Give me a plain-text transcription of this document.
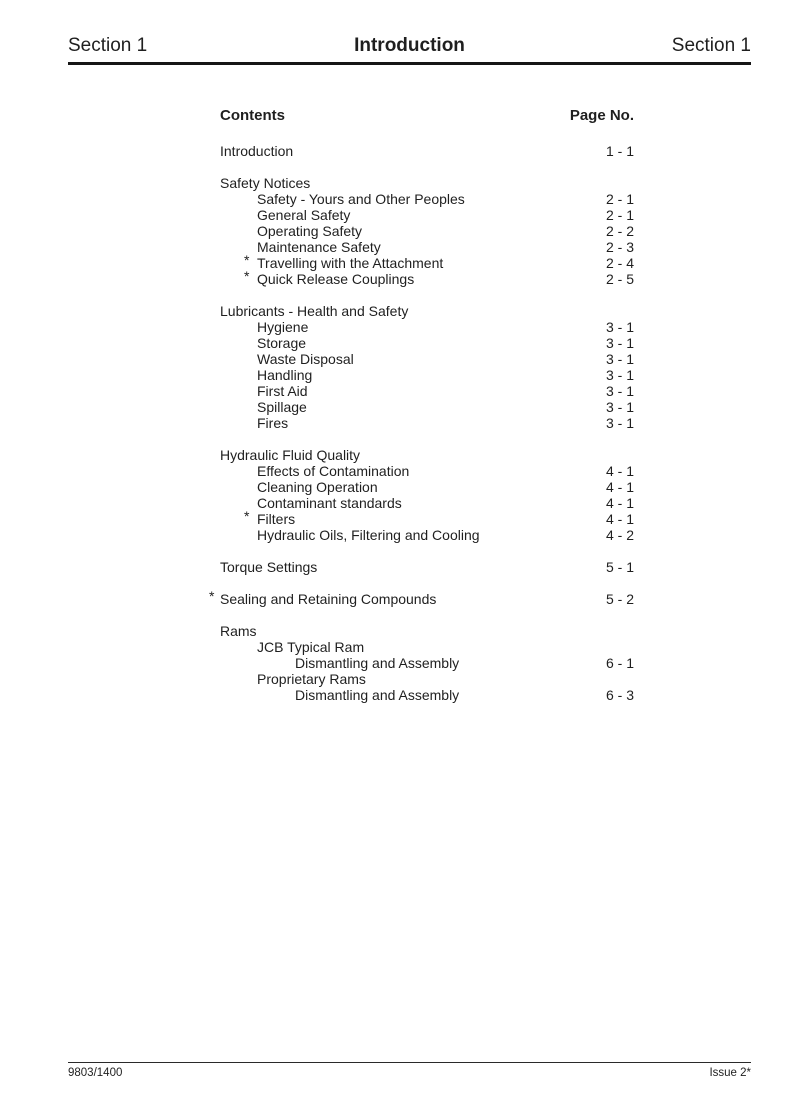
Section 1	Introduction	Section 1
Contents	Page No.
Introduction	1 - 1
Safety Notices
Safety - Yours and Other Peoples	2 - 1
General Safety	2 - 1
Operating Safety	2 - 2
Maintenance Safety	2 - 3
* Travelling with the Attachment	2 - 4
* Quick Release Couplings	2 - 5
Lubricants - Health and Safety
Hygiene	3 - 1
Storage	3 - 1
Waste Disposal	3 - 1
Handling	3 - 1
First Aid	3 - 1
Spillage	3 - 1
Fires	3 - 1
Hydraulic Fluid Quality
Effects of Contamination	4 - 1
Cleaning Operation	4 - 1
Contaminant standards	4 - 1
* Filters	4 - 1
Hydraulic Oils, Filtering and Cooling	4 - 2
Torque Settings	5 - 1
* Sealing and Retaining Compounds	5 - 2
Rams
JCB Typical Ram
Dismantling and Assembly	6 - 1
Proprietary Rams
Dismantling and Assembly	6 - 3
9803/1400	Issue 2*
